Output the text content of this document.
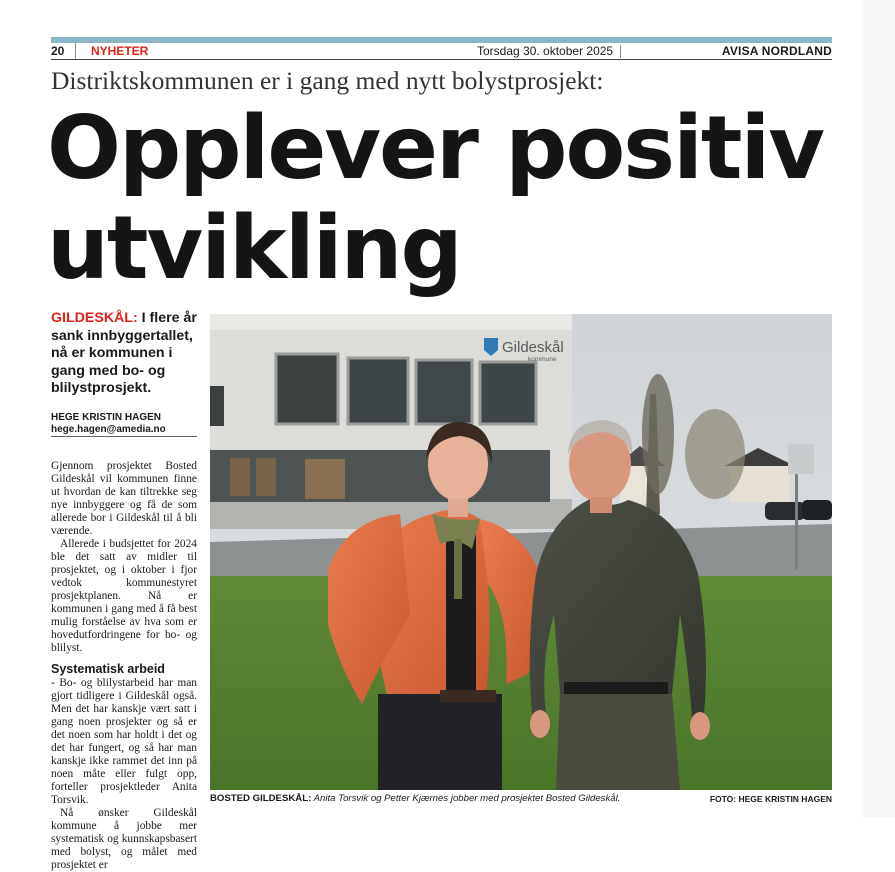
20	NYHETER	Torsdag 30. oktober 2025	AVISA NORDLAND
Distriktskommunen er i gang med nytt bolystprosjekt:
Opplever positiv utvikling
GILDESKÅL: I flere år sank innbyggertallet, nå er kommunen i gang med bo- og blilystprosjekt.
HEGE KRISTIN HAGEN
hege.hagen@amedia.no

Gjennom prosjektet Bosted Gildeskål vil kommunen finne ut hvordan de kan tiltrekke seg nye innbyggere og få de som allerede bor i Gildeskål til å bli værende.

Allerede i budsjettet for 2024 ble det satt av midler til prosjektet, og i oktober i fjor vedtok kommunestyret prosjektplanen. Nå er kommunen i gang med å få best mulig forståelse av hva som er hovedutfordringene for bo- og blilyst.

Systematisk arbeid

- Bo- og blilystarbeid har man gjort tidligere i Gildeskål også. Men det har kanskje vært satt i gang noen prosjekter og så er det noen som har holdt i det og det har fungert, og så har man kanskje ikke rammet det inn på noen måte eller fulgt opp, forteller prosjektleder Anita Torsvik.

Nå ønsker Gildeskål kommune å jobbe mer systematisk og kunnskapsbasert med bolyst, og målet med prosjektet er

Gildeskål
kommune
BOSTED GILDESKÅL: Anita Torsvik og Petter Kjærnes jobber med prosjektet Bosted Gildeskål.	FOTO: HEGE KRISTIN HAGEN
